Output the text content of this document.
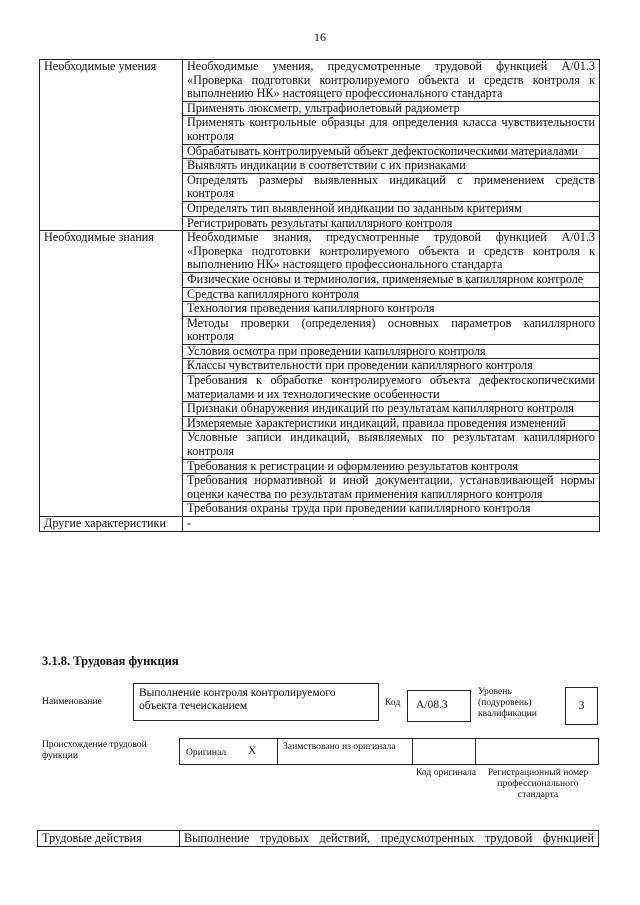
16
Необходимые умения	Необходимые умения, предусмотренные трудовой функцией А/01.3 «Проверка подготовки контролируемого объекта и средств контроля к выполнению НК» настоящего профессионального стандарта
	Применять люксметр, ультрафиолетовый радиометр
	Применять контрольные образцы для определения класса чувствительности контроля
	Обрабатывать контролируемый объект дефектоскопическими материалами
	Выявлять индикации в соответствии с их признаками
	Определять размеры выявленных индикаций с применением средств контроля
	Определять тип выявленной индикации по заданным критериям
	Регистрировать результаты капиллярного контроля
Необходимые знания	Необходимые знания, предусмотренные трудовой функцией А/01.3 «Проверка подготовки контролируемого объекта и средств контроля к выполнению НК» настоящего профессионального стандарта
	Физические основы и терминология, применяемые в капиллярном контроле
	Средства капиллярного контроля
	Технология проведения капиллярного контроля
	Методы проверки (определения) основных параметров капиллярного контроля
	Условия осмотра при проведении капиллярного контроля
	Классы чувствительности при проведении капиллярного контроля
	Требования к обработке контролируемого объекта дефектоскопическими материалами и их технологические особенности
	Признаки обнаружения индикаций по результатам капиллярного контроля
	Измеряемые характеристики индикаций, правила проведения изменений
	Условные записи индикаций, выявляемых по результатам капиллярного контроля
	Требования к регистрации и оформлению результатов контроля
	Требования нормативной и иной документации, устанавливающей нормы оценки качества по результатам применения капиллярного контроля
	Требования охраны труда при проведении капиллярного контроля
Другие характеристики	-
3.1.8. Трудовая функция
Наименование
Выполнение контроля контролируемого объекта течеисканием	Код	А/08.3
Уровень (подуровень) квалификации
3
Происхождение трудовой функции	Оригинал Х	Заимствовано из оригинала
Код оригинала	Регистрационный номер профессионального стандарта
Трудовые действия	Выполнение трудовых действий, предусмотренных трудовой функцией
